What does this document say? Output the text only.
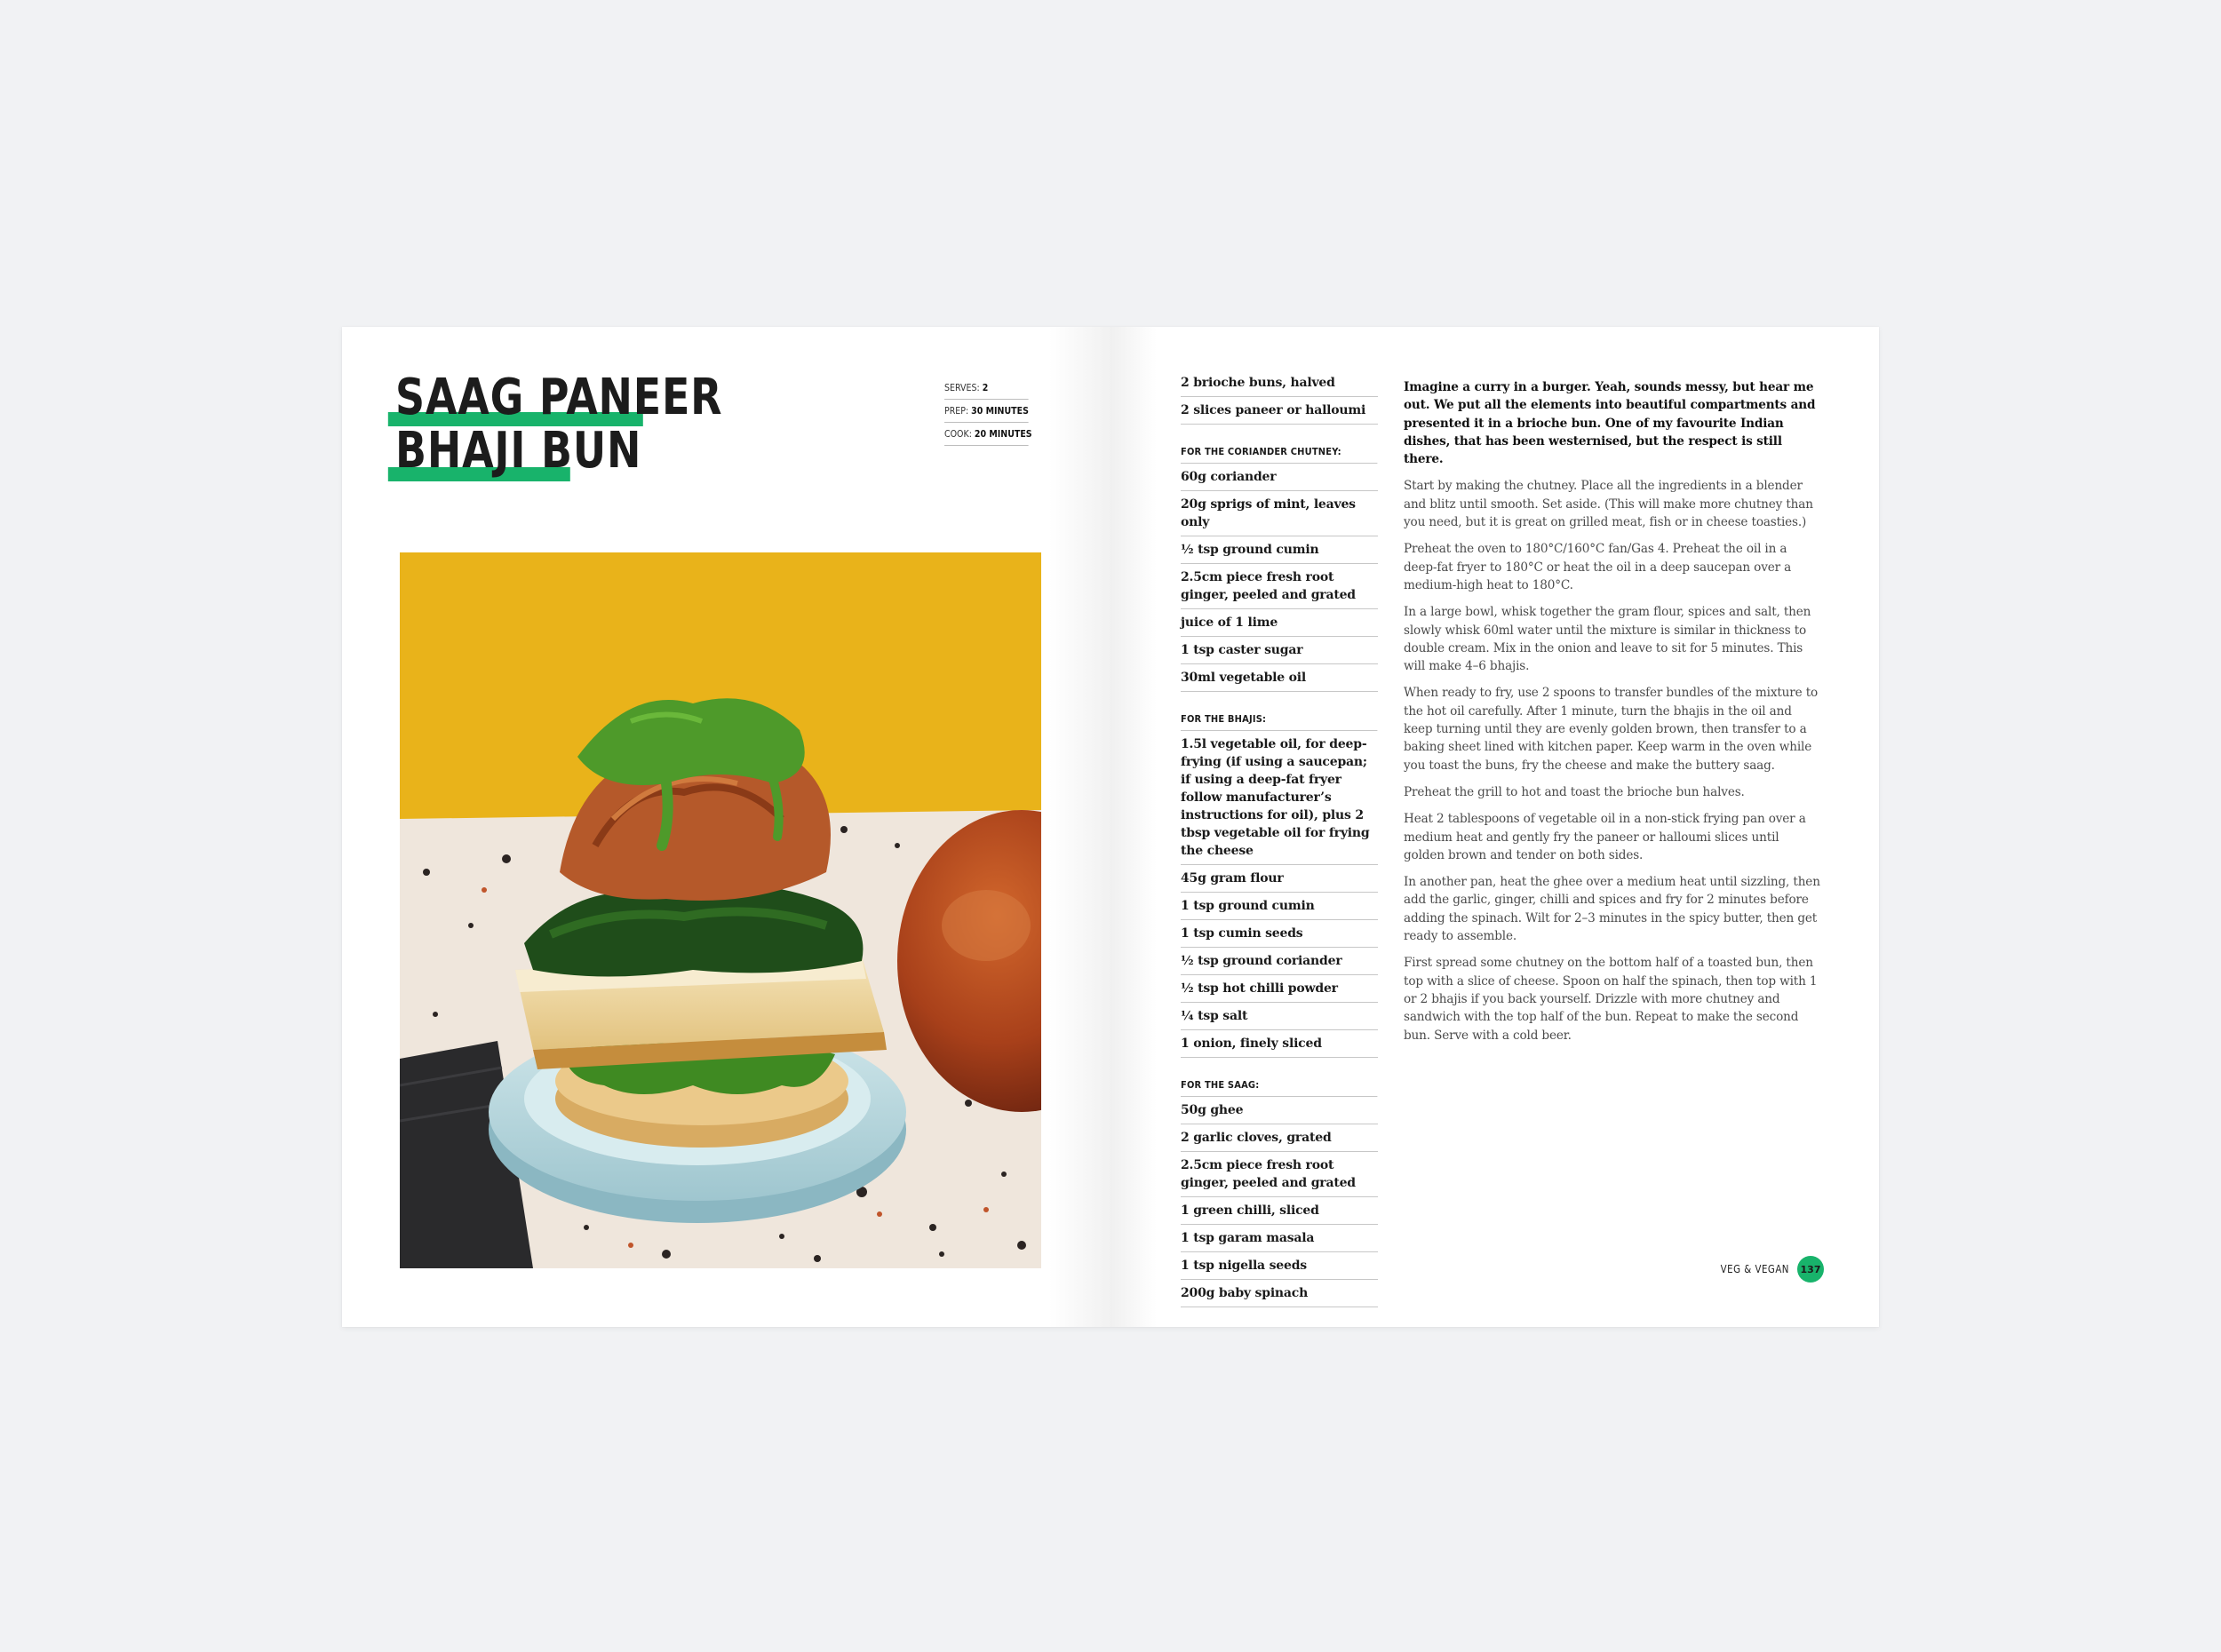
SAAG PANEER
BHAJI BUN
SERVES: 2
PREP: 30 MINUTES
COOK: 20 MINUTES
2 brioche buns, halved
2 slices paneer or halloumi
FOR THE CORIANDER CHUTNEY:
60g coriander
20g sprigs of mint, leaves only
½ tsp ground cumin
2.5cm piece fresh root ginger, peeled and grated
juice of 1 lime
1 tsp caster sugar
30ml vegetable oil
FOR THE BHAJIS:
1.5l vegetable oil, for deep-frying (if using a saucepan; if using a deep-fat fryer follow manufacturer’s instructions for oil), plus 2 tbsp vegetable oil for frying the cheese
45g gram flour
1 tsp ground cumin
1 tsp cumin seeds
½ tsp ground coriander
½ tsp hot chilli powder
¼ tsp salt
1 onion, finely sliced
FOR THE SAAG:
50g ghee
2 garlic cloves, grated
2.5cm piece fresh root ginger, peeled and grated
1 green chilli, sliced
1 tsp garam masala
1 tsp nigella seeds
200g baby spinach

Imagine a curry in a burger. Yeah, sounds messy, but hear me out. We put all the elements into beautiful compartments and presented it in a brioche bun. One of my favourite Indian dishes, that has been westernised, but the respect is still there.

Start by making the chutney. Place all the ingredients in a blender and blitz until smooth. Set aside. (This will make more chutney than you need, but it is great on grilled meat, fish or in cheese toasties.)

Preheat the oven to 180°C/160°C fan/Gas 4. Preheat the oil in a deep-fat fryer to 180°C or heat the oil in a deep saucepan over a medium-high heat to 180°C.

In a large bowl, whisk together the gram flour, spices and salt, then slowly whisk 60ml water until the mixture is similar in thickness to double cream. Mix in the onion and leave to sit for 5 minutes. This will make 4–6 bhajis.

When ready to fry, use 2 spoons to transfer bundles of the mixture to the hot oil carefully. After 1 minute, turn the bhajis in the oil and keep turning until they are evenly golden brown, then transfer to a baking sheet lined with kitchen paper. Keep warm in the oven while you toast the buns, fry the cheese and make the buttery saag.

Preheat the grill to hot and toast the brioche bun halves.

Heat 2 tablespoons of vegetable oil in a non-stick frying pan over a medium heat and gently fry the paneer or halloumi slices until golden brown and tender on both sides.

In another pan, heat the ghee over a medium heat until sizzling, then add the garlic, ginger, chilli and spices and fry for 2 minutes before adding the spinach. Wilt for 2–3 minutes in the spicy butter, then get ready to assemble.

First spread some chutney on the bottom half of a toasted bun, then top with a slice of cheese. Spoon on half the spinach, then top with 1 or 2 bhajis if you back yourself. Drizzle with more chutney and sandwich with the top half of the bun. Repeat to make the second bun. Serve with a cold beer.

VEG & VEGAN	137
